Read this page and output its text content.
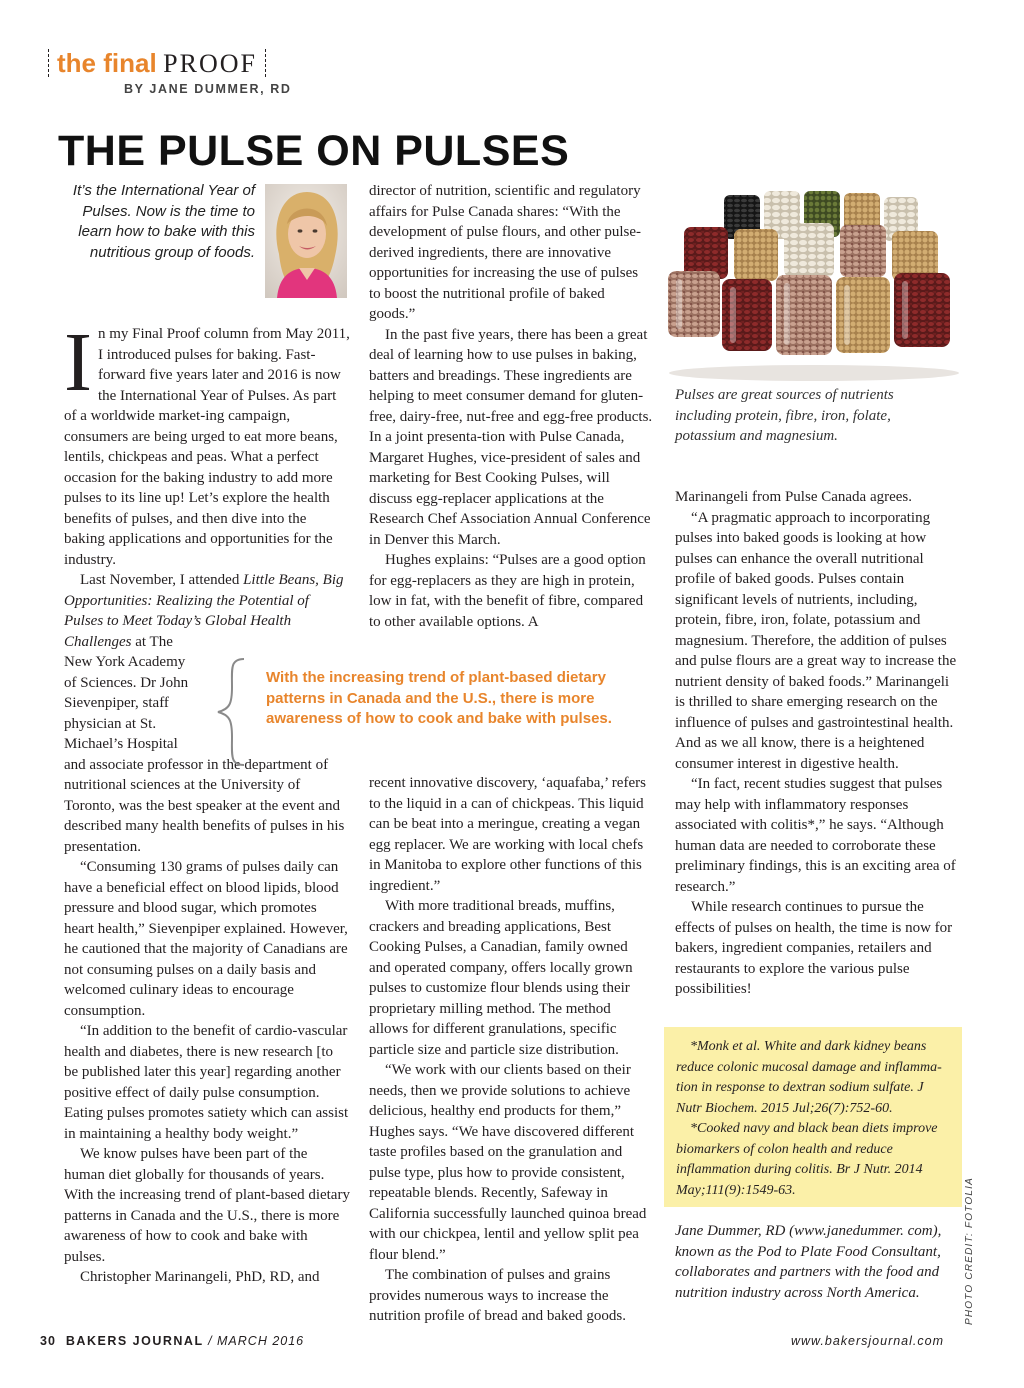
the final PROOF
BY JANE DUMMER, RD
THE PULSE ON PULSES
It’s the International Year of Pulses. Now is the time to learn how to bake with this nutritious group of foods.

In my Final Proof column from May 2011, I introduced pulses for baking. Fast-forward five years later and 2016 is now the International Year of Pulses. As part of a worldwide market-ing campaign, consumers are being urged to eat more beans, lentils, chickpeas and peas. What a perfect occasion for the baking industry to add more pulses to its line up! Let’s explore the health benefits of pulses, and then dive into the baking applications and opportunities for the industry.

Last November, I attended Little Beans, Big Opportunities: Realizing the Potential of Pulses to Meet Today’s Global Health Challenges at The

New York Academy
of Sciences. Dr John
Sievenpiper, staff
physician at St.
Michael’s Hospital

and associate professor in the department of nutritional sciences at the University of Toronto, was the best speaker at the event and described many health benefits of pulses in his presentation.

“Consuming 130 grams of pulses daily can have a beneficial effect on blood lipids, blood pressure and blood sugar, which promotes heart health,” Sievenpiper explained. However, he cautioned that the majority of Canadians are not consuming pulses on a daily basis and welcomed culinary ideas to encourage consumption.

“In addition to the benefit of cardio-vascular health and diabetes, there is new research [to be published later this year] regarding another positive effect of daily pulse consumption. Eating pulses promotes satiety which can assist in maintaining a healthy body weight.”

We know pulses have been part of the human diet globally for thousands of years. With the increasing trend of plant-based dietary patterns in Canada and the U.S., there is more awareness of how to cook and bake with pulses.

Christopher Marinangeli, PhD, RD, and

director of nutrition, scientific and regulatory affairs for Pulse Canada shares: “With the development of pulse flours, and other pulse-derived ingredients, there are innovative opportunities for increasing the use of pulses to boost the nutritional profile of baked goods.”

In the past five years, there has been a great deal of learning how to use pulses in baking, batters and breadings. These ingredients are helping to meet consumer demand for gluten-free, dairy-free, nut-free and egg-free products. In a joint presenta-tion with Pulse Canada, Margaret Hughes, vice-president of sales and marketing for Best Cooking Pulses, will discuss egg-replacer applications at the Research Chef Association Annual Conference in Denver this March.

Hughes explains: “Pulses are a good option for egg-replacers as they are high in protein, low in fat, with the benefit of fibre, compared to other available options. A

With the increasing trend of plant-based dietary patterns in Canada and the U.S., there is more awareness of how to cook and bake with pulses.

recent innovative discovery, ‘aquafaba,’ refers to the liquid in a can of chickpeas. This liquid can be beat into a meringue, creating a vegan egg replacer. We are working with local chefs in Manitoba to explore other functions of this ingredient.”

With more traditional breads, muffins, crackers and breading applications, Best Cooking Pulses, a Canadian, family owned and operated company, offers locally grown pulses to customize flour blends using their proprietary milling method. The method allows for different granulations, specific particle size and particle size distribution.

“We work with our clients based on their needs, then we provide solutions to achieve delicious, healthy end products for them,” Hughes says. “We have discovered different taste profiles based on the granulation and pulse type, plus how to provide consistent, repeatable blends. Recently, Safeway in California successfully launched quinoa bread with our chickpea, lentil and yellow split pea flour blend.”

The combination of pulses and grains provides numerous ways to increase the nutrition profile of bread and baked goods.

Pulses are great sources of nutrients including protein, fibre, iron, folate, potassium and magnesium.

Marinangeli from Pulse Canada agrees.

“A pragmatic approach to incorporating pulses into baked goods is looking at how pulses can enhance the overall nutritional profile of baked goods. Pulses contain significant levels of nutrients, including, protein, fibre, iron, folate, potassium and magnesium. Therefore, the addition of pulses and pulse flours are a great way to increase the nutrient density of baked foods.” Marinangeli is thrilled to share emerging research on the influence of pulses and gastrointestinal health. And as we all know, there is a heightened consumer interest in digestive health.

“In fact, recent studies suggest that pulses may help with inflammatory responses associated with colitis*,” he says. “Although human data are needed to corroborate these preliminary findings, this is an exciting area of research.”

While research continues to pursue the effects of pulses on health, the time is now for bakers, ingredient companies, retailers and restaurants to explore the various pulse possibilities!

*Monk et al. White and dark kidney beans reduce colonic mucosal damage and inflamma-tion in response to dextran sodium sulfate. J Nutr Biochem. 2015 Jul;26(7):752-60.

*Cooked navy and black bean diets improve biomarkers of colon health and reduce inflammation during colitis. Br J Nutr. 2014 May;111(9):1549-63.

Jane Dummer, RD (www.janedummer. com), known as the Pod to Plate Food Consultant, collaborates and partners with the food and nutrition industry across North America.	PHOTO CREDIT: FOTOLIA
30 BAKERS JOURNAL / MARCH 2016	www.bakersjournal.com
